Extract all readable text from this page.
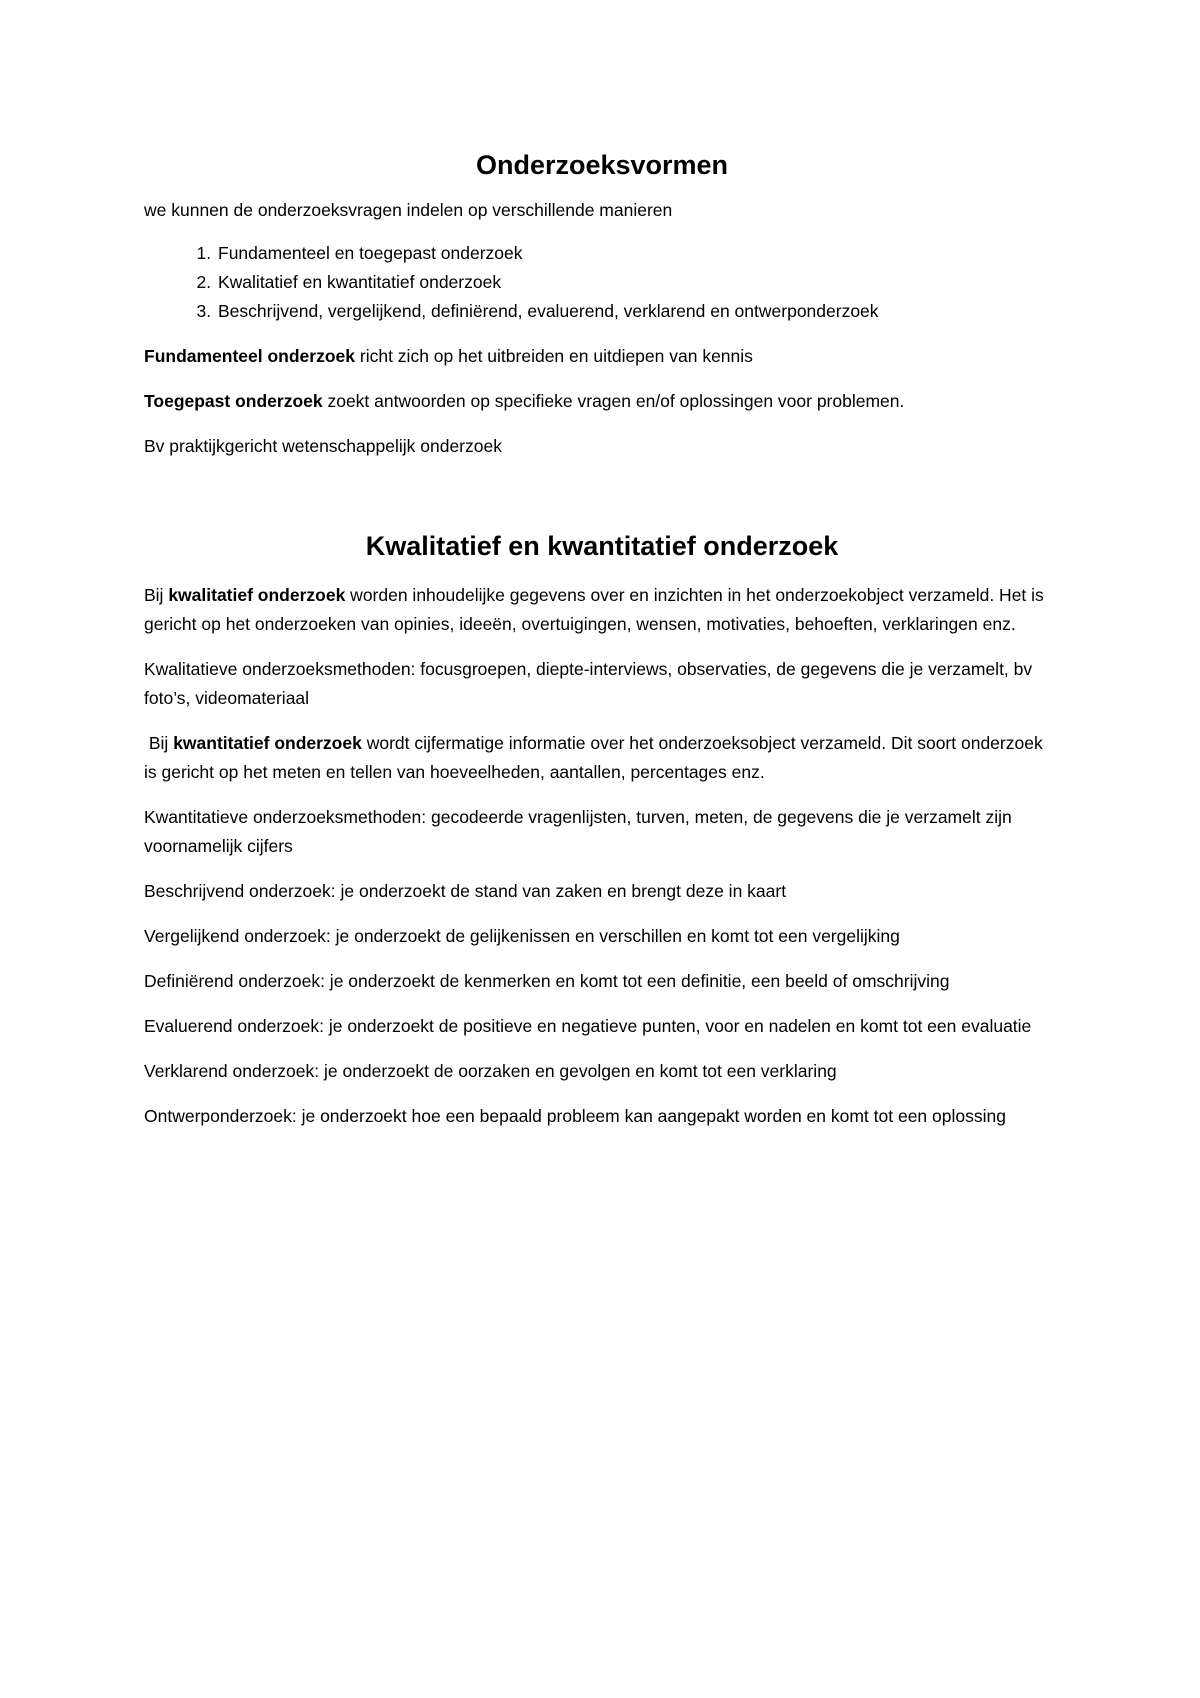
Onderzoeksvormen

we kunnen de onderzoeksvragen indelen op verschillende manieren

1. Fundamenteel en toegepast onderzoek
2. Kwalitatief en kwantitatief onderzoek
3. Beschrijvend, vergelijkend, definiërend, evaluerend, verklarend en ontwerponderzoek

Fundamenteel onderzoek richt zich op het uitbreiden en uitdiepen van kennis

Toegepast onderzoek zoekt antwoorden op specifieke vragen en/of oplossingen voor problemen.

Bv praktijkgericht wetenschappelijk onderzoek

Kwalitatief en kwantitatief onderzoek

Bij kwalitatief onderzoek worden inhoudelijke gegevens over en inzichten in het onderzoekobject verzameld. Het is gericht op het onderzoeken van opinies, ideeën, overtuigingen, wensen, motivaties, behoeften, verklaringen enz.

Kwalitatieve onderzoeksmethoden: focusgroepen, diepte-interviews, observaties, de gegevens die je verzamelt, bv foto’s, videomateriaal

Bij kwantitatief onderzoek wordt cijfermatige informatie over het onderzoeksobject verzameld. Dit soort onderzoek is gericht op het meten en tellen van hoeveelheden, aantallen, percentages enz.

Kwantitatieve onderzoeksmethoden: gecodeerde vragenlijsten, turven, meten, de gegevens die je verzamelt zijn voornamelijk cijfers

Beschrijvend onderzoek: je onderzoekt de stand van zaken en brengt deze in kaart

Vergelijkend onderzoek: je onderzoekt de gelijkenissen en verschillen en komt tot een vergelijking

Definiërend onderzoek: je onderzoekt de kenmerken en komt tot een definitie, een beeld of omschrijving

Evaluerend onderzoek: je onderzoekt de positieve en negatieve punten, voor en nadelen en komt tot een evaluatie

Verklarend onderzoek: je onderzoekt de oorzaken en gevolgen en komt tot een verklaring

Ontwerponderzoek: je onderzoekt hoe een bepaald probleem kan aangepakt worden en komt tot een oplossing
